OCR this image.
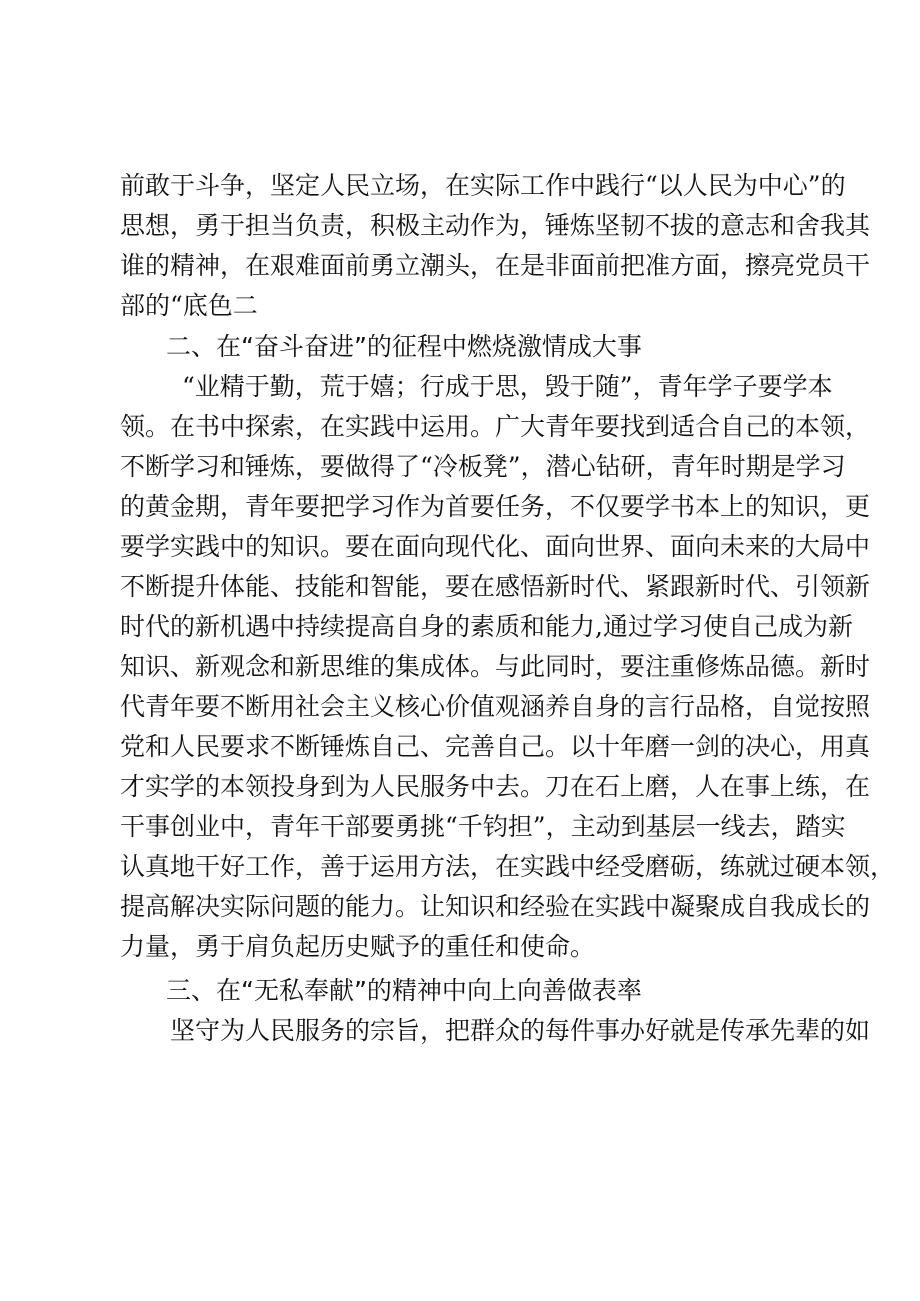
前敢于斗争，坚定人民立场，在实际工作中践行“以人民为中心”的
思想，勇于担当负责，积极主动作为，锤炼坚韧不拔的意志和舍我其
谁的精神，在艰难面前勇立潮头，在是非面前把准方面，擦亮党员干
部的“底色二
二、在“奋斗奋进”的征程中燃烧激情成大事
“业精于勤，荒于嬉；行成于思，毁于随”，青年学子要学本
领。在书中探索，在实践中运用。广大青年要找到适合自己的本领，
不断学习和锤炼，要做得了“冷板凳”，潜心钻研，青年时期是学习
的黄金期，青年要把学习作为首要任务，不仅要学书本上的知识，更
要学实践中的知识。要在面向现代化、面向世界、面向未来的大局中
不断提升体能、技能和智能，要在感悟新时代、紧跟新时代、引领新
时代的新机遇中持续提高自身的素质和能力,通过学习使自己成为新
知识、新观念和新思维的集成体。与此同时，要注重修炼品德。新时
代青年要不断用社会主义核心价值观涵养自身的言行品格，自觉按照
党和人民要求不断锤炼自己、完善自己。以十年磨一剑的决心，用真
才实学的本领投身到为人民服务中去。刀在石上磨，人在事上练，在
干事创业中，青年干部要勇挑“千钧担”，主动到基层一线去，踏实
认真地干好工作，善于运用方法，在实践中经受磨砺，练就过硬本领，
提高解决实际问题的能力。让知识和经验在实践中凝聚成自我成长的
力量，勇于肩负起历史赋予的重任和使命。
三、在“无私奉献”的精神中向上向善做表率
坚守为人民服务的宗旨，把群众的每件事办好就是传承先辈的如
